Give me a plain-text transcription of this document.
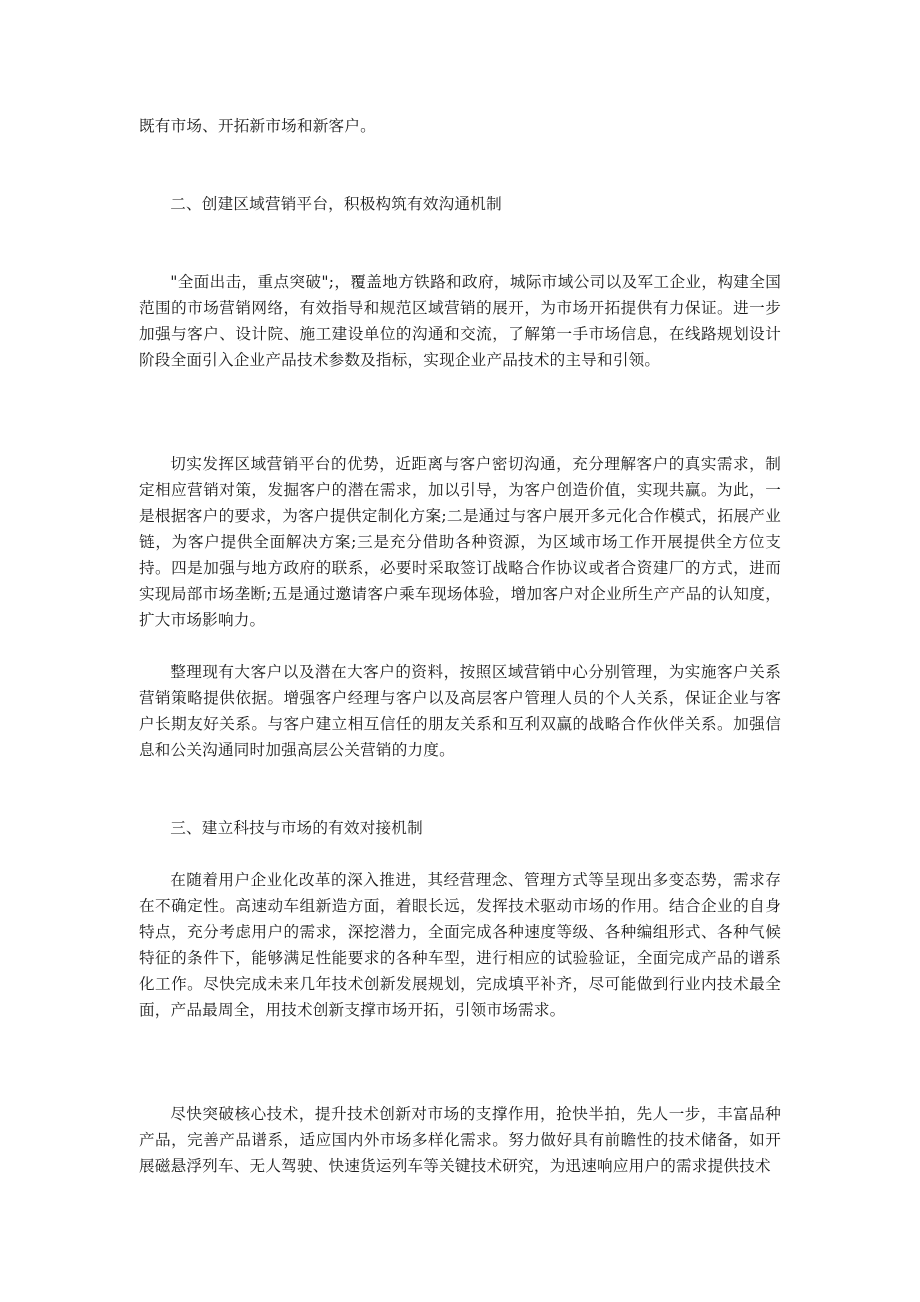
既有市场、开拓新市场和新客户。

二、创建区域营销平台，积极构筑有效沟通机制

"全面出击，重点突破";，覆盖地方铁路和政府，城际市域公司以及军工企业，构建全国范围的市场营销网络，有效指导和规范区域营销的展开，为市场开拓提供有力保证。进一步加强与客户、设计院、施工建设单位的沟通和交流，了解第一手市场信息，在线路规划设计阶段全面引入企业产品技术参数及指标，实现企业产品技术的主导和引领。

切实发挥区域营销平台的优势，近距离与客户密切沟通，充分理解客户的真实需求，制定相应营销对策，发掘客户的潜在需求，加以引导，为客户创造价值，实现共赢。为此，一是根据客户的要求，为客户提供定制化方案;二是通过与客户展开多元化合作模式，拓展产业链，为客户提供全面解决方案;三是充分借助各种资源，为区域市场工作开展提供全方位支持。四是加强与地方政府的联系，必要时采取签订战略合作协议或者合资建厂的方式，进而实现局部市场垄断;五是通过邀请客户乘车现场体验，增加客户对企业所生产产品的认知度，扩大市场影响力。

整理现有大客户以及潜在大客户的资料，按照区域营销中心分别管理，为实施客户关系营销策略提供依据。增强客户经理与客户以及高层客户管理人员的个人关系，保证企业与客户长期友好关系。与客户建立相互信任的朋友关系和互利双赢的战略合作伙伴关系。加强信息和公关沟通同时加强高层公关营销的力度。

三、建立科技与市场的有效对接机制

在随着用户企业化改革的深入推进，其经营理念、管理方式等呈现出多变态势，需求存在不确定性。高速动车组新造方面，着眼长远，发挥技术驱动市场的作用。结合企业的自身特点，充分考虑用户的需求，深挖潜力，全面完成各种速度等级、各种编组形式、各种气候特征的条件下，能够满足性能要求的各种车型，进行相应的试验验证，全面完成产品的谱系化工作。尽快完成未来几年技术创新发展规划，完成填平补齐，尽可能做到行业内技术最全面，产品最周全，用技术创新支撑市场开拓，引领市场需求。

尽快突破核心技术，提升技术创新对市场的支撑作用，抢快半拍，先人一步，丰富品种产品，完善产品谱系，适应国内外市场多样化需求。努力做好具有前瞻性的技术储备，如开展磁悬浮列车、无人驾驶、快速货运列车等关键技术研究，为迅速响应用户的需求提供技术
